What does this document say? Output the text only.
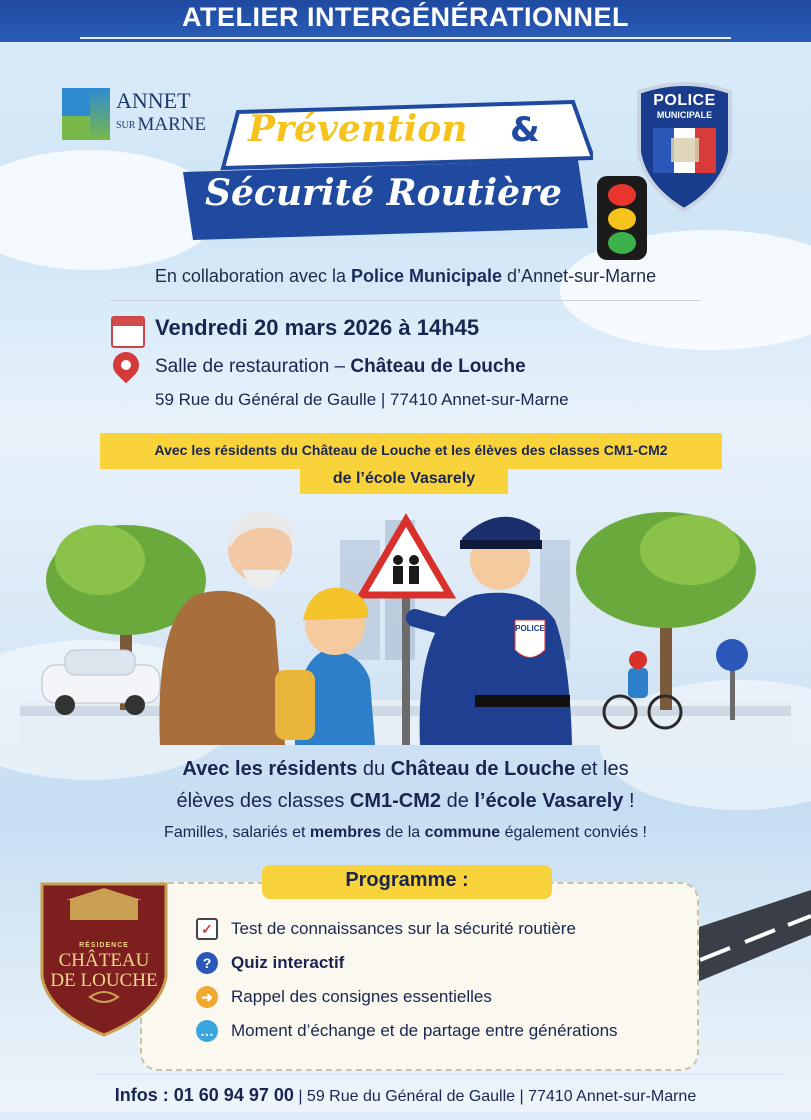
ATELIER INTERGÉNÉRATIONNEL
ANNET
SUR MARNE Prévention &
Sécurité Routière
POLICE
MUNICIPALE
En collaboration avec la Police Municipale d’Annet-sur-Marne
Vendredi 20 mars 2026 à 14h45
Salle de restauration – Château de Louche
59 Rue du Général de Gaulle | 77410 Annet-sur-Marne
Avec les résidents du Château de Louche et les élèves des classes CM1-CM2
de l’école Vasarely
POLICE
Avec les résidents du Château de Louche et les
élèves des classes CM1-CM2 de l’école Vasarely !
Familles, salariés et membres de la commune également conviés !
Programme :
✓	Test de connaissances sur la sécurité routière
?	Quiz interactif
➜	Rappel des consignes essentielles
… Moment d’échange et de partage entre générations
RÉSIDENCE
CHÂTEAU
DE LOUCHE
Infos : 01 60 94 97 00 | 59 Rue du Général de Gaulle | 77410 Annet-sur-Marne
